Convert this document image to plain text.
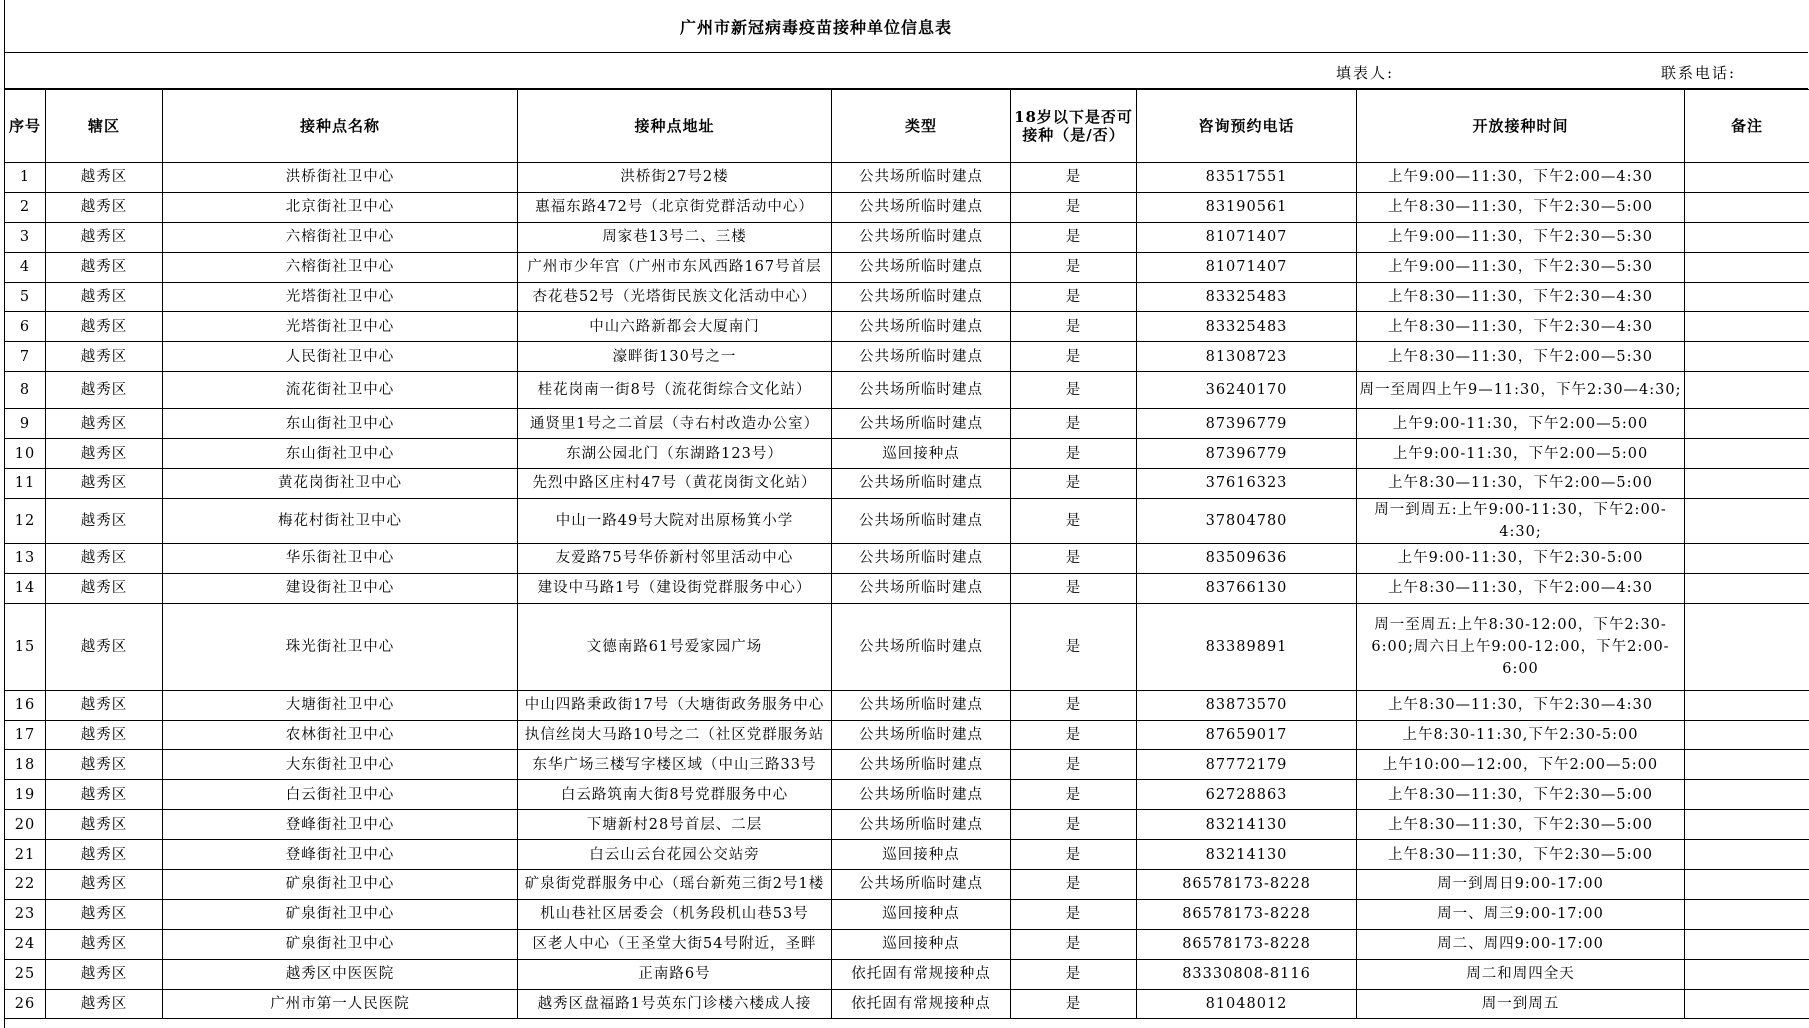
广州市新冠病毒疫苗接种单位信息表
填表人:	联系电话:
序号	辖区	接种点名称	接种点地址	类型	18岁以下是否可接种（是/否）	咨询预约电话	开放接种时间	备注
1	越秀区	洪桥街社卫中心	洪桥街27号2楼	公共场所临时建点	是	83517551	上午9:00—11:30，下午2:00—4:30	
2	越秀区	北京街社卫中心	惠福东路472号（北京街党群活动中心）	公共场所临时建点	是	83190561	上午8:30—11:30，下午2:30—5:00	
3	越秀区	六榕街社卫中心	周家巷13号二、三楼	公共场所临时建点	是	81071407	上午9:00—11:30，下午2:30—5:30	
4	越秀区	六榕街社卫中心	广州市少年宫（广州市东风西路167号首层	公共场所临时建点	是	81071407	上午9:00—11:30，下午2:30—5:30	
5	越秀区	光塔街社卫中心	杏花巷52号（光塔街民族文化活动中心）	公共场所临时建点	是	83325483	上午8:30—11:30，下午2:30—4:30	
6	越秀区	光塔街社卫中心	中山六路新都会大厦南门	公共场所临时建点	是	83325483	上午8:30—11:30，下午2:30—4:30	
7	越秀区	人民街社卫中心	濠畔街130号之一	公共场所临时建点	是	81308723	上午8:30—11:30，下午2:00—5:30	
8	越秀区	流花街社卫中心	桂花岗南一街8号（流花街综合文化站）	公共场所临时建点	是	36240170	周一至周四上午9—11:30，下午2:30—4:30;	
9	越秀区	东山街社卫中心	通贤里1号之二首层（寺右村改造办公室）	公共场所临时建点	是	87396779	上午9:00-11:30，下午2:00—5:00	
10	越秀区	东山街社卫中心	东湖公园北门（东湖路123号）	巡回接种点	是	87396779	上午9:00-11:30，下午2:00—5:00	
11	越秀区	黄花岗街社卫中心	先烈中路区庄村47号（黄花岗街文化站）	公共场所临时建点	是	37616323	上午8:30—11:30，下午2:00—5:00	
12	越秀区	梅花村街社卫中心	中山一路49号大院对出原杨箕小学	公共场所临时建点	是	37804780	周一到周五:上午9:00-11:30，下午2:00-4:30;	
13	越秀区	华乐街社卫中心	友爱路75号华侨新村邻里活动中心	公共场所临时建点	是	83509636	上午9:00-11:30，下午2:30-5:00	
14	越秀区	建设街社卫中心	建设中马路1号（建设街党群服务中心）	公共场所临时建点	是	83766130	上午8:30—11:30，下午2:00—4:30	
15	越秀区	珠光街社卫中心	文德南路61号爱家园广场	公共场所临时建点	是	83389891	周一至周五:上午8:30-12:00，下午2:30-6:00;周六日上午9:00-12:00，下午2:00-6:00	
16	越秀区	大塘街社卫中心	中山四路秉政街17号（大塘街政务服务中心	公共场所临时建点	是	83873570	上午8:30—11:30，下午2:30—4:30	
17	越秀区	农林街社卫中心	执信丝岗大马路10号之二（社区党群服务站	公共场所临时建点	是	87659017	上午8:30-11:30,下午2:30-5:00	
18	越秀区	大东街社卫中心	东华广场三楼写字楼区域（中山三路33号	公共场所临时建点	是	87772179	上午10:00—12:00，下午2:00—5:00	
19	越秀区	白云街社卫中心	白云路筑南大街8号党群服务中心	公共场所临时建点	是	62728863	上午8:30—11:30，下午2:30—5:00	
20	越秀区	登峰街社卫中心	下塘新村28号首层、二层	公共场所临时建点	是	83214130	上午8:30—11:30，下午2:30—5:00	
21	越秀区	登峰街社卫中心	白云山云台花园公交站旁	巡回接种点	是	83214130	上午8:30—11:30，下午2:30—5:00	
22	越秀区	矿泉街社卫中心	矿泉街党群服务中心（瑶台新苑三街2号1楼	公共场所临时建点	是	86578173-8228	周一到周日9:00-17:00	
23	越秀区	矿泉街社卫中心	机山巷社区居委会（机务段机山巷53号	巡回接种点	是	86578173-8228	周一、周三9:00-17:00	
24	越秀区	矿泉街社卫中心	区老人中心（王圣堂大街54号附近，圣畔	巡回接种点	是	86578173-8228	周二、周四9:00-17:00	
25	越秀区	越秀区中医医院	正南路6号	依托固有常规接种点	是	83330808-8116	周二和周四全天	
26	越秀区	广州市第一人民医院	越秀区盘福路1号英东门诊楼六楼成人接	依托固有常规接种点	是	81048012	周一到周五	
